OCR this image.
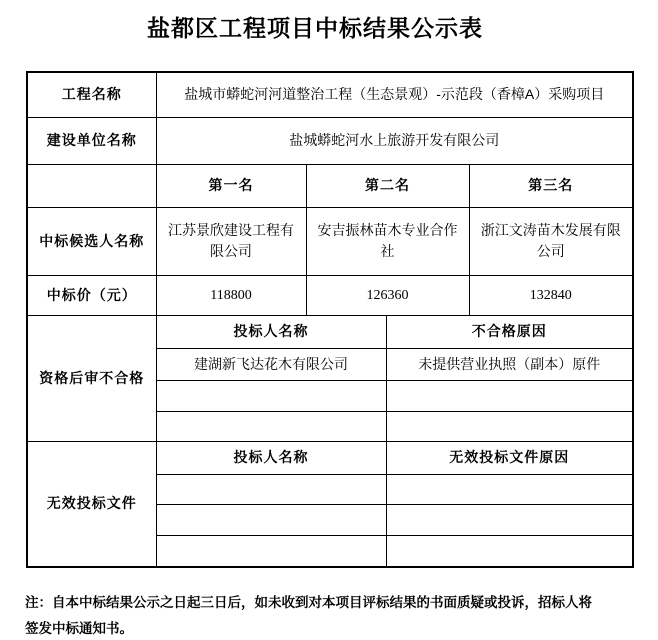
盐都区工程项目中标结果公示表
工程名称	盐城市蟒蛇河河道整治工程（生态景观）-示范段（香樟A）采购项目			
建设单位名称	盐城蟒蛇河水上旅游开发有限公司			
	第一名	第二名		第三名
中标候选人名称	江苏景欣建设工程有限公司	安吉振林苗木专业合作社		浙江文涛苗木发展有限公司
中标价（元）	118800	126360		132840
资格后审不合格	投标人名称		不合格原因	
	建湖新飞达花木有限公司		未提供营业执照（副本）原件	

无效投标文件	投标人名称		无效投标文件原因	

注：自本中标结果公示之日起三日后，如未收到对本项目评标结果的书面质疑或投诉，招标人将签发中标通知书。
